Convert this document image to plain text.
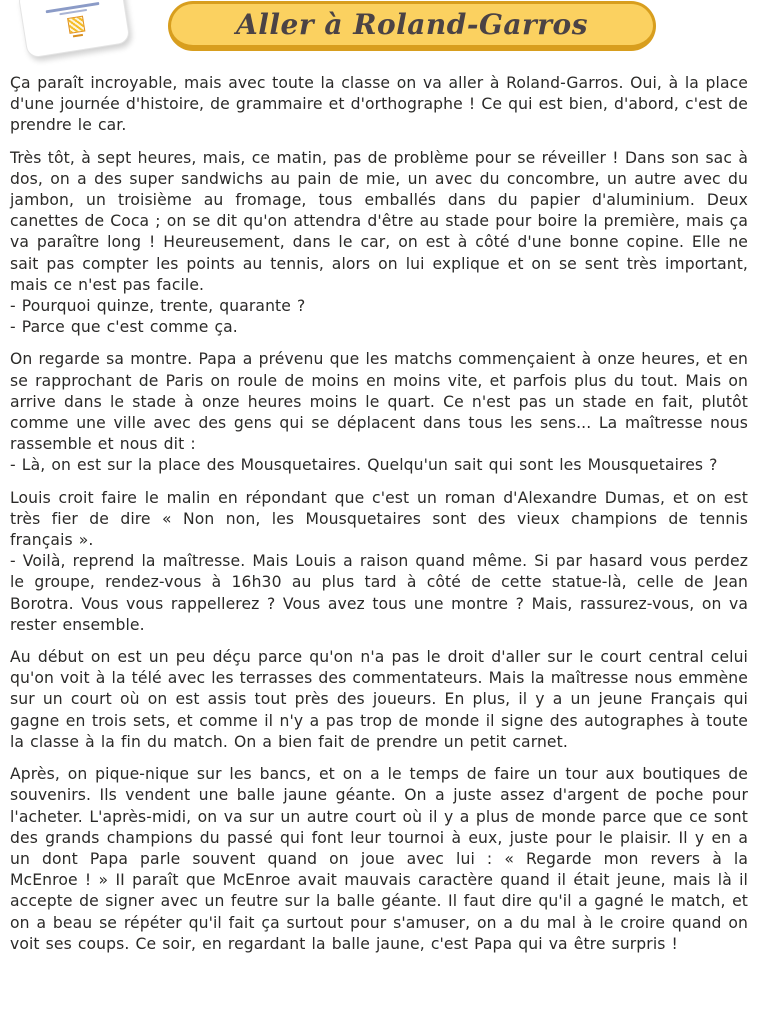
Aller à Roland-Garros

Ça paraît incroyable, mais avec toute la classe on va aller à Roland-Garros. Oui, à la place d'une journée d'histoire, de grammaire et d'orthographe ! Ce qui est bien, d'abord, c'est de prendre le car.

Très tôt, à sept heures, mais, ce matin, pas de problème pour se réveiller ! Dans son sac à dos, on a des super sandwichs au pain de mie, un avec du concombre, un autre avec du jambon, un troisième au fromage, tous emballés dans du papier d'aluminium. Deux canettes de Coca ; on se dit qu'on attendra d'être au stade pour boire la première, mais ça va paraître long ! Heureusement, dans le car, on est à côté d'une bonne copine. Elle ne sait pas compter les points au tennis, alors on lui explique et on se sent très important, mais ce n'est pas facile.

- Pourquoi quinze, trente, quarante ?

- Parce que c'est comme ça.

On regarde sa montre. Papa a prévenu que les matchs commençaient à onze heures, et en se rapprochant de Paris on roule de moins en moins vite, et parfois plus du tout. Mais on arrive dans le stade à onze heures moins le quart. Ce n'est pas un stade en fait, plutôt comme une ville avec des gens qui se déplacent dans tous les sens... La maîtresse nous rassemble et nous dit :

- Là, on est sur la place des Mousquetaires. Quelqu'un sait qui sont les Mousquetaires ?

Louis croit faire le malin en répondant que c'est un roman d'Alexandre Dumas, et on est très fier de dire « Non non, les Mousquetaires sont des vieux champions de tennis français ».

- Voilà, reprend la maîtresse. Mais Louis a raison quand même. Si par hasard vous perdez le groupe, rendez-vous à 16h30 au plus tard à côté de cette statue-là, celle de Jean Borotra. Vous vous rappellerez ? Vous avez tous une montre ? Mais, rassurez-vous, on va rester ensemble.

Au début on est un peu déçu parce qu'on n'a pas le droit d'aller sur le court central celui qu'on voit à la télé avec les terrasses des commentateurs. Mais la maîtresse nous emmène sur un court où on est assis tout près des joueurs. En plus, il y a un jeune Français qui gagne en trois sets, et comme il n'y a pas trop de monde il signe des autographes à toute la classe à la fin du match. On a bien fait de prendre un petit carnet.

Après, on pique-nique sur les bancs, et on a le temps de faire un tour aux boutiques de souvenirs. Ils vendent une balle jaune géante. On a juste assez d'argent de poche pour l'acheter. L'après-midi, on va sur un autre court où il y a plus de monde parce que ce sont des grands champions du passé qui font leur tournoi à eux, juste pour le plaisir. Il y en a un dont Papa parle souvent quand on joue avec lui : « Regarde mon revers à la McEnroe ! » II paraît que McEnroe avait mauvais caractère quand il était jeune, mais là il accepte de signer avec un feutre sur la balle géante. Il faut dire qu'il a gagné le match, et on a beau se répéter qu'il fait ça surtout pour s'amuser, on a du mal à le croire quand on voit ses coups. Ce soir, en regardant la balle jaune, c'est Papa qui va être surpris !
